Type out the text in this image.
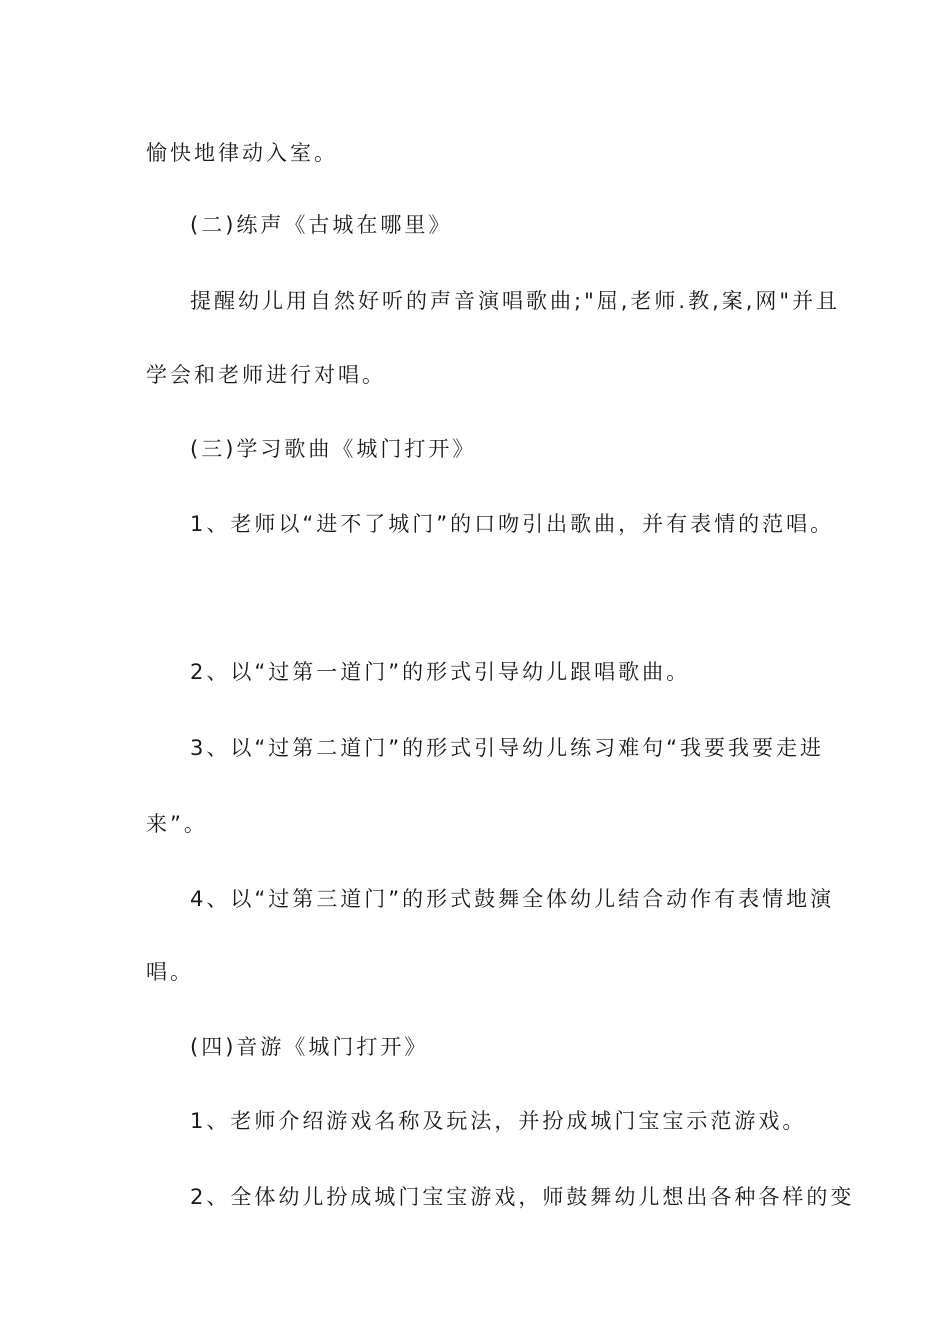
愉快地律动入室。
(二)练声《古城在哪里》
提醒幼儿用自然好听的声音演唱歌曲;"屈,老师.教,案,网"并且
学会和老师进行对唱。
(三)学习歌曲《城门打开》
1、老师以“进不了城门”的口吻引出歌曲，并有表情的范唱。
2、以“过第一道门”的形式引导幼儿跟唱歌曲。
3、以“过第二道门”的形式引导幼儿练习难句“我要我要走进
来”。
4、以“过第三道门”的形式鼓舞全体幼儿结合动作有表情地演
唱。
(四)音游《城门打开》
1、老师介绍游戏名称及玩法，并扮成城门宝宝示范游戏。
2、全体幼儿扮成城门宝宝游戏，师鼓舞幼儿想出各种各样的变
